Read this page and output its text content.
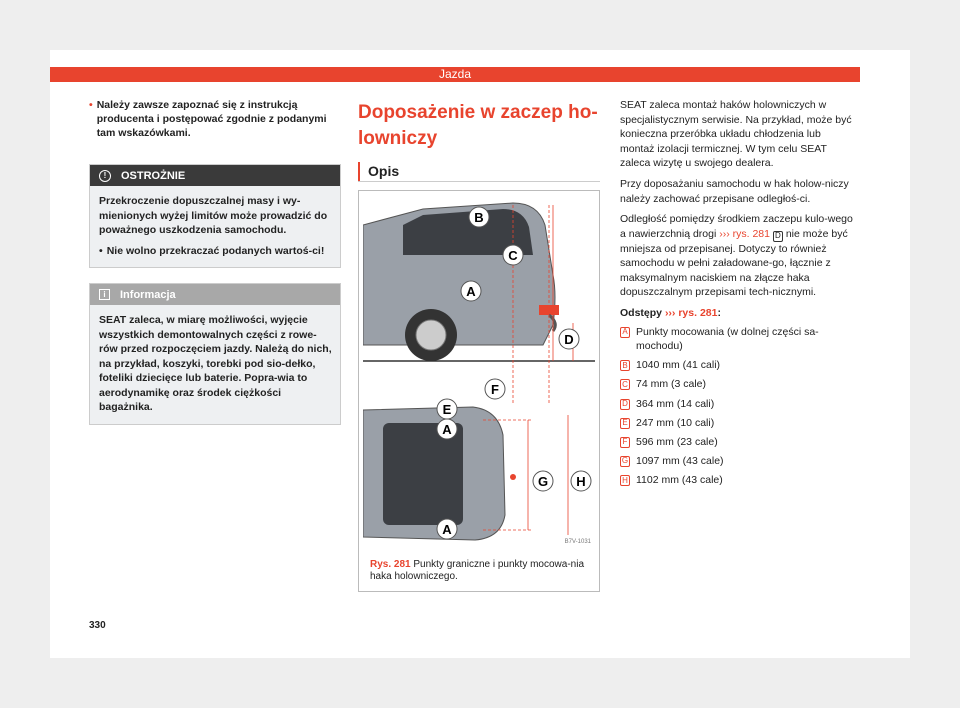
Jazda
• Należy zawsze zapoznać się z instrukcją producenta i postępować zgodnie z podanymi tam wskazówkami.
!	OSTROŻNIE

Przekroczenie dopuszczalnej masy i wy-mienionych wyżej limitów może prowadzić do poważnego uszkodzenia samochodu.

• Nie wolno przekraczać podanych wartoś-ci!
i	Informacja

SEAT zaleca, w miarę możliwości, wyjęcie wszystkich demontowalnych części z rowe-rów przed rozpoczęciem jazdy. Należą do nich, na przykład, koszyki, torebki pod sio-dełko, foteliki dziecięce lub baterie. Popra-wia to aerodynamikę oraz środek ciężkości bagażnika.

Doposażenie w zaczep ho-lowniczy
Opis
B
C
A
D
E
F
A
G H
A
B7V-1031
Rys. 281 Punkty graniczne i punkty mocowa-nia haka holowniczego.

SEAT zaleca montaż haków holowniczych w specjalistycznym serwisie. Na przykład, może być konieczna przeróbka układu chłodzenia lub montaż izolacji termicznej. W tym celu SEAT zaleca wizytę u swojego dealera.

Przy doposażaniu samochodu w hak holow-niczy należy zachować przepisane odległoś-ci.

Odległość pomiędzy środkiem zaczepu kulo-wego a nawierzchnią drogi ››› rys. 281 D nie może być mniejsza od przepisanej. Dotyczy to również samochodu w pełni załadowane-go, łącznie z maksymalnym naciskiem na złącze haka dopuszczalnym przepisami tech-nicznymi.

Odstępy ››› rys. 281:
A Punkty mocowania (w dolnej części sa-mochodu)
B 1040 mm (41 cali)
C 74 mm (3 cale)
D 364 mm (14 cali)
E 247 mm (10 cali)
F 596 mm (23 cale)
G 1097 mm (43 cale)
H 1102 mm (43 cale)
330
